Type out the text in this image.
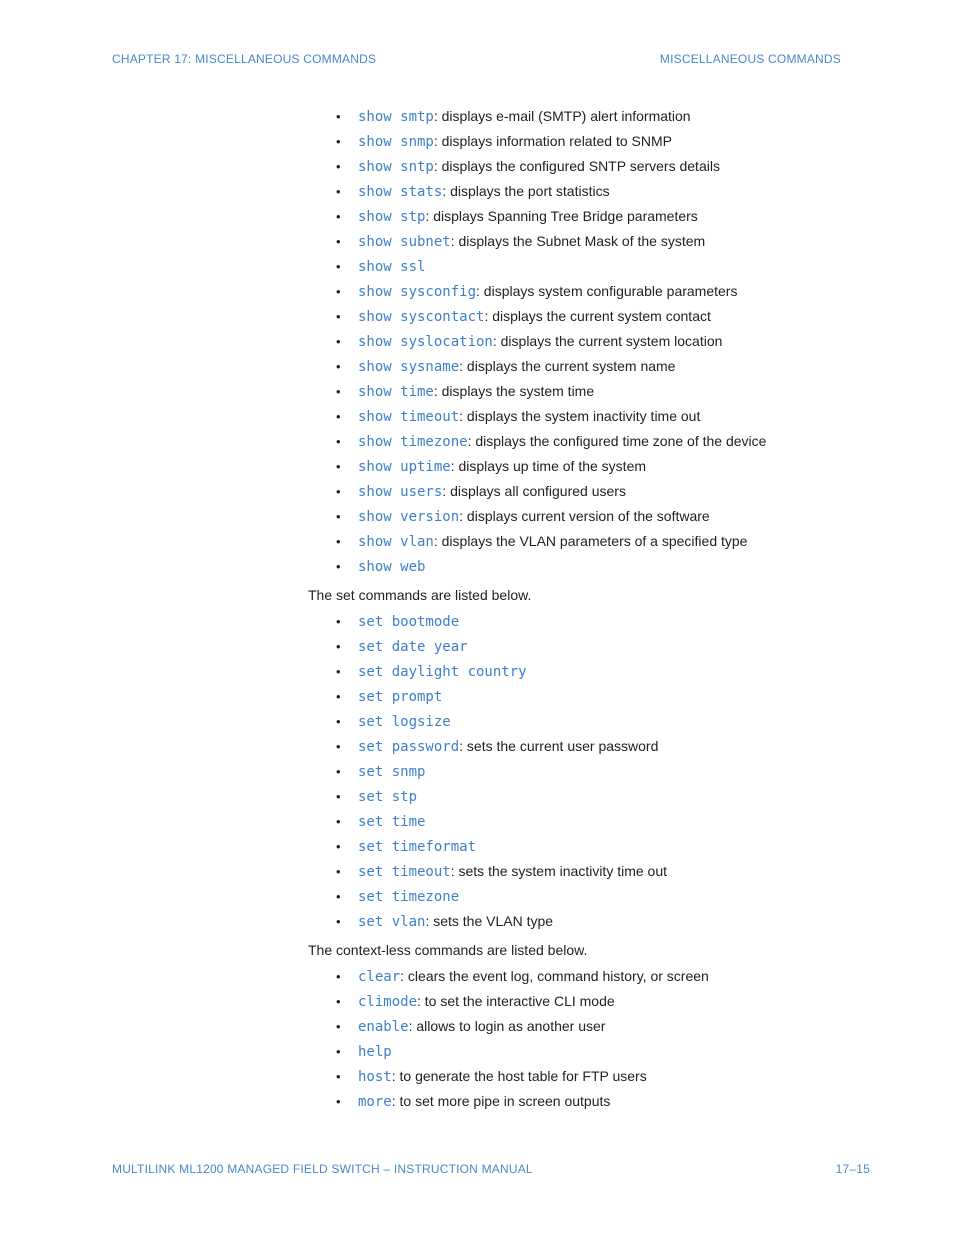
CHAPTER 17: MISCELLANEOUS COMMANDS	MISCELLANEOUS COMMANDS
• show smtp: displays e-mail (SMTP) alert information
• show snmp: displays information related to SNMP
• show sntp: displays the configured SNTP servers details
• show stats: displays the port statistics
• show stp: displays Spanning Tree Bridge parameters
• show subnet: displays the Subnet Mask of the system
• show ssl
• show sysconfig: displays system configurable parameters
• show syscontact: displays the current system contact
• show syslocation: displays the current system location
• show sysname: displays the current system name
• show time: displays the system time
• show timeout: displays the system inactivity time out
• show timezone: displays the configured time zone of the device
• show uptime: displays up time of the system
• show users: displays all configured users
• show version: displays current version of the software
• show vlan: displays the VLAN parameters of a specified type
• show web
The set commands are listed below.
• set bootmode
• set date year
• set daylight country
• set prompt
• set logsize
• set password: sets the current user password
• set snmp
• set stp
• set time
• set timeformat
• set timeout: sets the system inactivity time out
• set timezone
• set vlan: sets the VLAN type
The context-less commands are listed below.
• clear: clears the event log, command history, or screen
• climode: to set the interactive CLI mode
• enable: allows to login as another user
• help
• host: to generate the host table for FTP users
• more: to set more pipe in screen outputs
MULTILINK ML1200 MANAGED FIELD SWITCH – INSTRUCTION MANUAL	17–15
